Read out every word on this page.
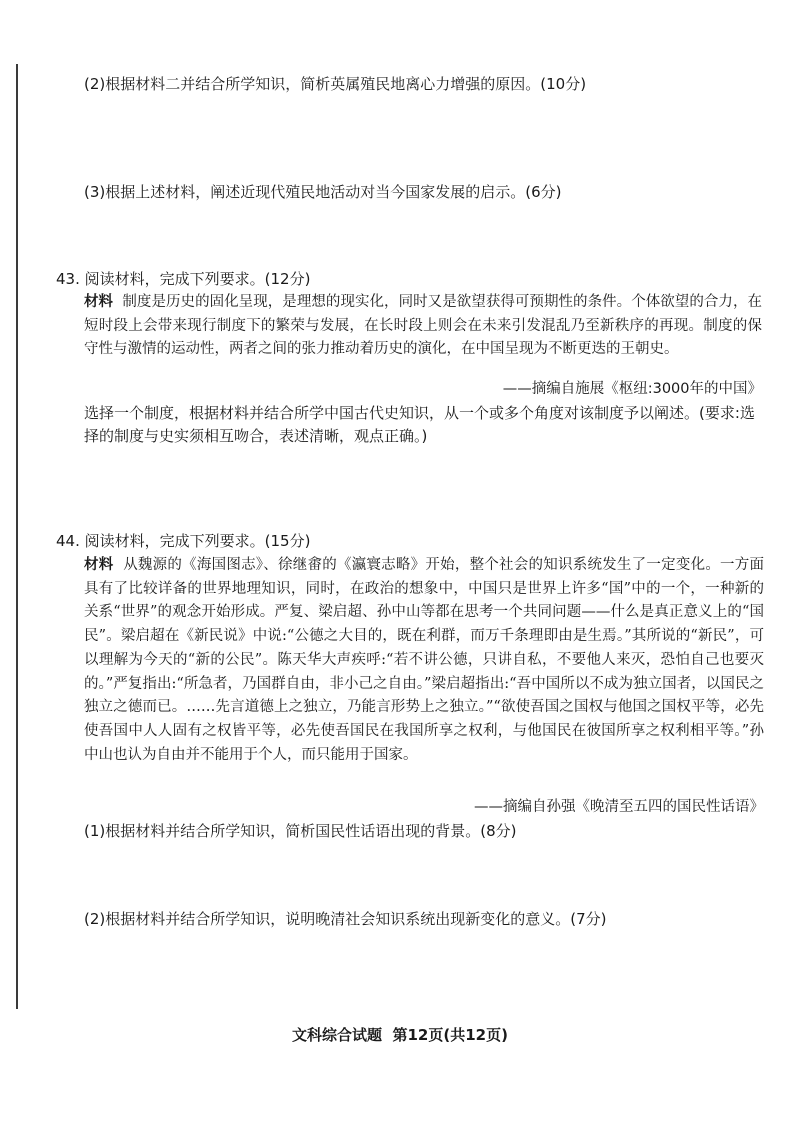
(2)根据材料二并结合所学知识，简析英属殖民地离心力增强的原因。(10分)
(3)根据上述材料，阐述近现代殖民地活动对当今国家发展的启示。(6分)
43. 阅读材料，完成下列要求。(12分)

材料 制度是历史的固化呈现，是理想的现实化，同时又是欲望获得可预期性的条件。个体欲望的合力，在短时段上会带来现行制度下的繁荣与发展，在长时段上则会在未来引发混乱乃至新秩序的再现。制度的保守性与激情的运动性，两者之间的张力推动着历史的演化，在中国呈现为不断更迭的王朝史。

——摘编自施展《枢纽:3000年的中国》
选择一个制度，根据材料并结合所学中国古代史知识，从一个或多个角度对该制度予以阐述。(要求:选择的制度与史实须相互吻合，表述清晰，观点正确。)
44. 阅读材料，完成下列要求。(15分)

材料 从魏源的《海国图志》、徐继畬的《瀛寰志略》开始，整个社会的知识系统发生了一定变化。一方面具有了比较详备的世界地理知识，同时，在政治的想象中，中国只是世界上许多“国”中的一个，一种新的关系“世界”的观念开始形成。严复、梁启超、孙中山等都在思考一个共同问题——什么是真正意义上的“国民”。梁启超在《新民说》中说:“公德之大目的，既在利群，而万千条理即由是生焉。”其所说的“新民”，可以理解为今天的“新的公民”。陈天华大声疾呼:“若不讲公德，只讲自私，不要他人来灭，恐怕自己也要灭的。”严复指出:“所急者，乃国群自由，非小己之自由。”梁启超指出:“吾中国所以不成为独立国者，以国民之独立之德而已。……先言道德上之独立，乃能言形势上之独立。”“欲使吾国之国权与他国之国权平等，必先使吾国中人人固有之权皆平等，必先使吾国民在我国所享之权利，与他国民在彼国所享之权利相平等。”孙中山也认为自由并不能用于个人，而只能用于国家。

——摘编自孙强《晚清至五四的国民性话语》
(1)根据材料并结合所学知识，简析国民性话语出现的背景。(8分)
(2)根据材料并结合所学知识，说明晚清社会知识系统出现新变化的意义。(7分)
文科综合试题  第12页(共12页)
